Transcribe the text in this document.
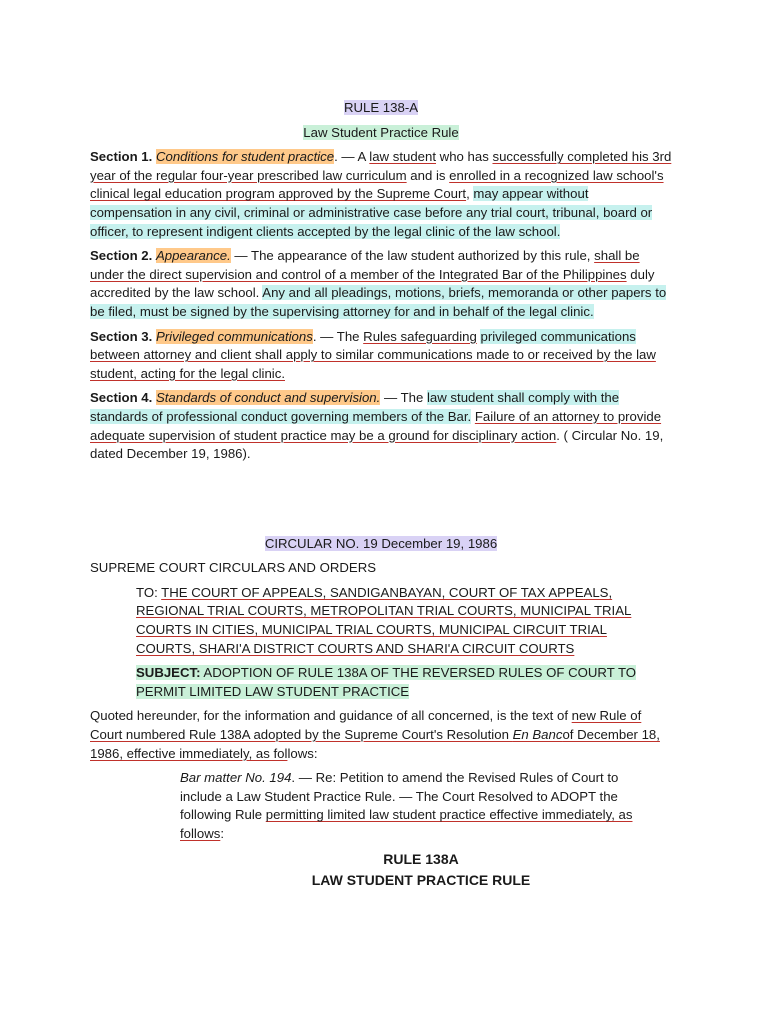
RULE 138-A

Law Student Practice Rule

Section 1. Conditions for student practice. — A law student who has successfully completed his 3rd year of the regular four-year prescribed law curriculum and is enrolled in a recognized law school's clinical legal education program approved by the Supreme Court, may appear without compensation in any civil, criminal or administrative case before any trial court, tribunal, board or officer, to represent indigent clients accepted by the legal clinic of the law school.

Section 2. Appearance. — The appearance of the law student authorized by this rule, shall be under the direct supervision and control of a member of the Integrated Bar of the Philippines duly accredited by the law school. Any and all pleadings, motions, briefs, memoranda or other papers to be filed, must be signed by the supervising attorney for and in behalf of the legal clinic.

Section 3. Privileged communications. — The Rules safeguarding privileged communications between attorney and client shall apply to similar communications made to or received by the law student, acting for the legal clinic.

Section 4. Standards of conduct and supervision. — The law student shall comply with the standards of professional conduct governing members of the Bar. Failure of an attorney to provide adequate supervision of student practice may be a ground for disciplinary action. ( Circular No. 19, dated December 19, 1986).

CIRCULAR NO. 19 December 19, 1986

SUPREME COURT CIRCULARS AND ORDERS

TO: THE COURT OF APPEALS, SANDIGANBAYAN, COURT OF TAX APPEALS, REGIONAL TRIAL COURTS, METROPOLITAN TRIAL COURTS, MUNICIPAL TRIAL COURTS IN CITIES, MUNICIPAL TRIAL COURTS, MUNICIPAL CIRCUIT TRIAL COURTS, SHARI'A DISTRICT COURTS AND SHARI'A CIRCUIT COURTS

SUBJECT: ADOPTION OF RULE 138A OF THE REVERSED RULES OF COURT TO PERMIT LIMITED LAW STUDENT PRACTICE

Quoted hereunder, for the information and guidance of all concerned, is the text of new Rule of Court numbered Rule 138A adopted by the Supreme Court's Resolution En Bancof December 18, 1986, effective immediately, as follows:

Bar matter No. 194. — Re: Petition to amend the Revised Rules of Court to include a Law Student Practice Rule. — The Court Resolved to ADOPT the following Rule permitting limited law student practice effective immediately, as follows:

RULE 138A

LAW STUDENT PRACTICE RULE
